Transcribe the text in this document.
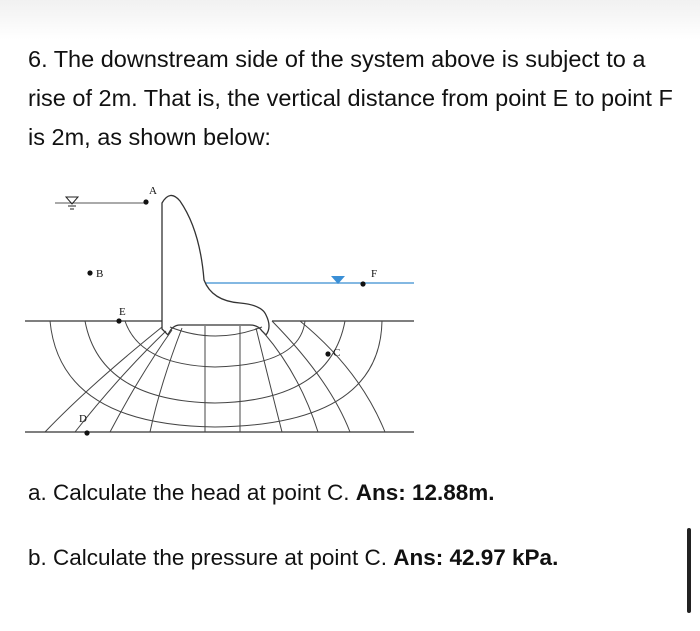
6. The downstream side of the system above is subject to a rise of 2m. That is, the vertical distance from point E to point F is 2m, as shown below:
A
B
E
F
C
D
a. Calculate the head at point C. Ans: 12.88m.
b. Calculate the pressure at point C. Ans: 42.97 kPa.
